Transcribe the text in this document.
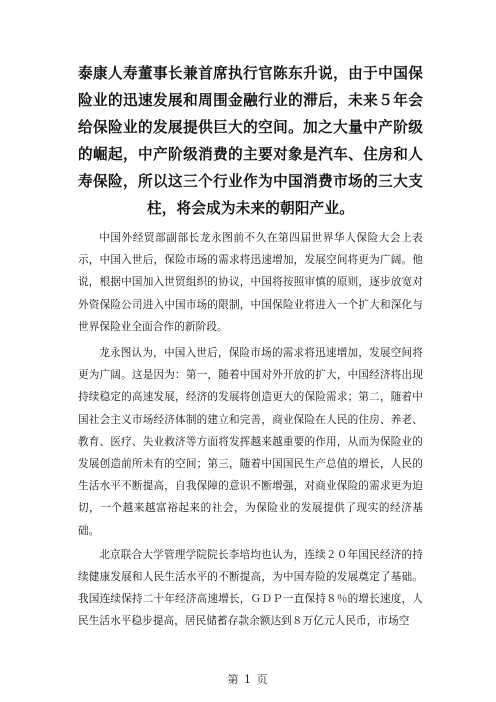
泰康人寿董事长兼首席执行官陈东升说，由于中国保险业的迅速发展和周围金融行业的滞后，未来５年会给保险业的发展提供巨大的空间。加之大量中产阶级的崛起，中产阶级消费的主要对象是汽车、住房和人寿保险，所以这三个行业作为中国消费市场的三大支柱，将会成为未来的朝阳产业。

中国外经贸部副部长龙永图前不久在第四届世界华人保险大会上表示，中国入世后，保险市场的需求将迅速增加，发展空间将更为广阔。他说，根据中国加入世贸组织的协议，中国将按照审慎的原则，逐步放宽对外资保险公司进入中国市场的限制，中国保险业将进入一个扩大和深化与世界保险业全面合作的新阶段。

龙永图认为，中国入世后，保险市场的需求将迅速增加，发展空间将更为广阔。这是因为：第一，随着中国对外开放的扩大，中国经济将出现持续稳定的高速发展，经济的发展将创造更大的保险需求；第二，随着中国社会主义市场经济体制的建立和完善，商业保险在人民的住房、养老、教育、医疗、失业救济等方面将发挥越来越重要的作用，从而为保险业的发展创造前所未有的空间；第三，随着中国国民生产总值的增长，人民的生活水平不断提高，自我保障的意识不断增强，对商业保险的需求更为迫切，一个越来越富裕起来的社会，为保险业的发展提供了现实的经济基础。

北京联合大学管理学院院长李培均也认为，连续２０年国民经济的持续健康发展和人民生活水平的不断提高，为中国寿险的发展奠定了基础。我国连续保持二十年经济高速增长，ＧＤＰ一直保持８％的增长速度，人民生活水平稳步提高，居民储蓄存款余额达到８万亿元人民币，市场空

第 1 页
